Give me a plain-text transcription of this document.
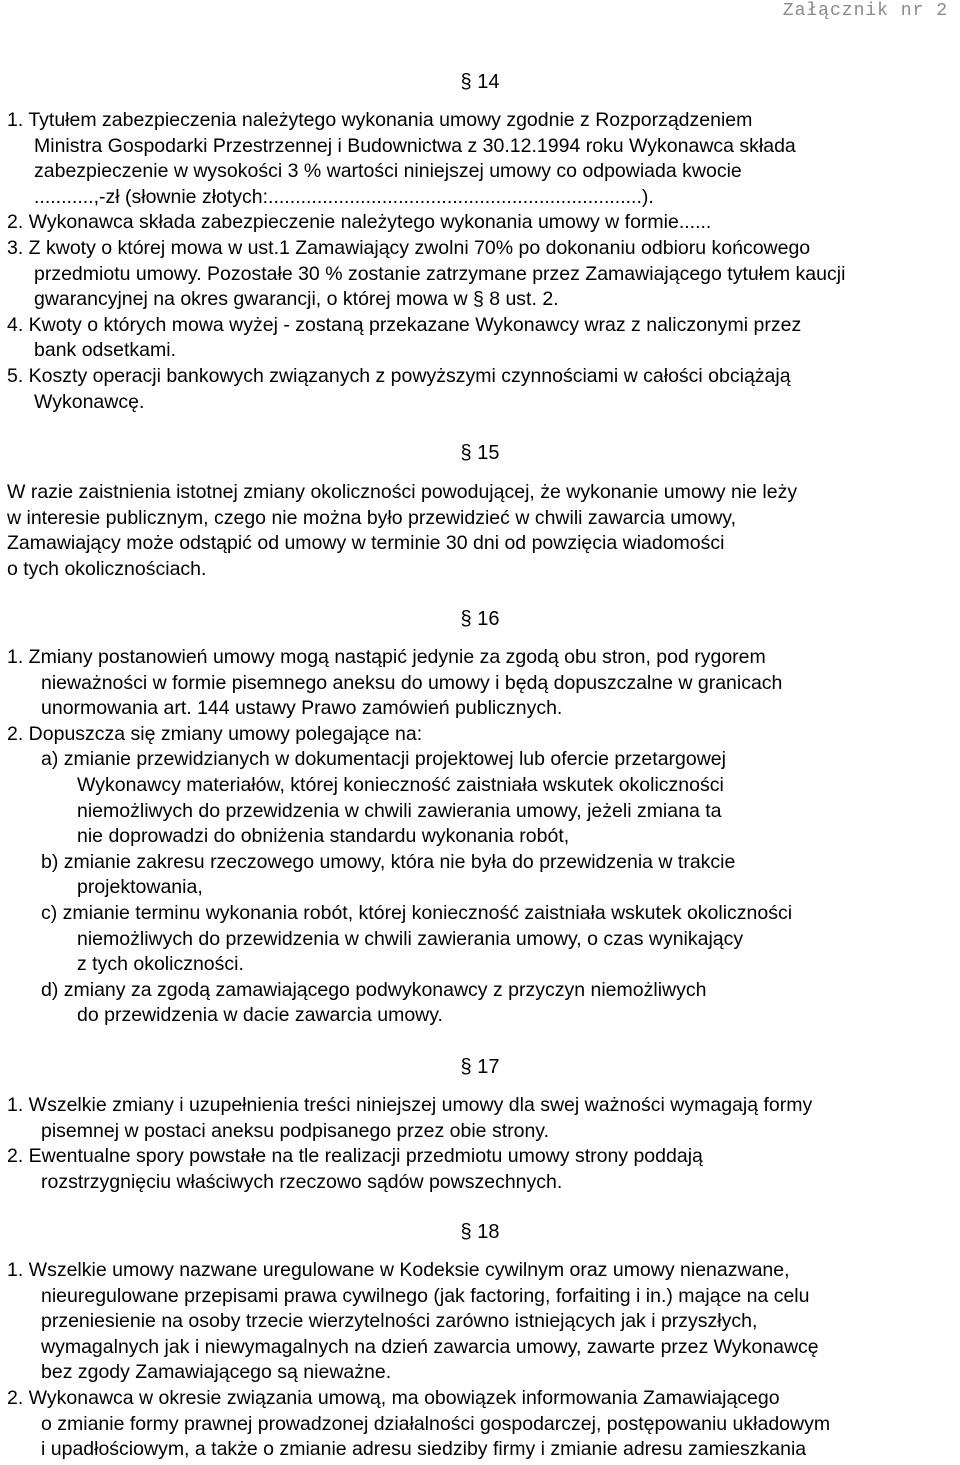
Załącznik nr 2
§ 14
1. Tytułem zabezpieczenia należytego wykonania umowy zgodnie z Rozporządzeniem
Ministra Gospodarki Przestrzennej i Budownictwa z 30.12.1994 roku Wykonawca składa
zabezpieczenie w wysokości 3 % wartości niniejszej umowy co odpowiada kwocie
...........,-zł (słownie złotych:.....................................................................).
2. Wykonawca składa zabezpieczenie należytego wykonania umowy w formie......
3. Z kwoty o której mowa w ust.1 Zamawiający zwolni 70% po dokonaniu odbioru końcowego
przedmiotu umowy. Pozostałe 30 % zostanie zatrzymane przez Zamawiającego tytułem kaucji
gwarancyjnej na okres gwarancji, o której mowa w § 8 ust. 2.
4. Kwoty o których mowa wyżej - zostaną przekazane Wykonawcy wraz z naliczonymi przez
bank odsetkami.
5. Koszty operacji bankowych związanych z powyższymi czynnościami w całości obciążają
Wykonawcę.
§ 15
W razie zaistnienia istotnej zmiany okoliczności powodującej, że wykonanie umowy nie leży
w interesie publicznym, czego nie można było przewidzieć w chwili zawarcia umowy,
Zamawiający może odstąpić od umowy w terminie 30 dni od powzięcia wiadomości
o tych okolicznościach.
§ 16
1. Zmiany postanowień umowy mogą nastąpić jedynie za zgodą obu stron, pod rygorem
nieważności w formie pisemnego aneksu do umowy i będą dopuszczalne w granicach
unormowania art. 144 ustawy Prawo zamówień publicznych.
2. Dopuszcza się zmiany umowy polegające na:
a) zmianie przewidzianych w dokumentacji projektowej lub ofercie przetargowej
Wykonawcy materiałów, której konieczność zaistniała wskutek okoliczności
niemożliwych do przewidzenia w chwili zawierania umowy, jeżeli zmiana ta
nie doprowadzi do obniżenia standardu wykonania robót,
b) zmianie zakresu rzeczowego umowy, która nie była do przewidzenia w trakcie
projektowania,
c) zmianie terminu wykonania robót, której konieczność zaistniała wskutek okoliczności
niemożliwych do przewidzenia w chwili zawierania umowy, o czas wynikający
z tych okoliczności.
d) zmiany za zgodą zamawiającego podwykonawcy z przyczyn niemożliwych
do przewidzenia w dacie zawarcia umowy.
§ 17
1. Wszelkie zmiany i uzupełnienia treści niniejszej umowy dla swej ważności wymagają formy
pisemnej w postaci aneksu podpisanego przez obie strony.
2. Ewentualne spory powstałe na tle realizacji przedmiotu umowy strony poddają
rozstrzygnięciu właściwych rzeczowo sądów powszechnych.
§ 18
1. Wszelkie umowy nazwane uregulowane w Kodeksie cywilnym oraz umowy nienazwane,
nieuregulowane przepisami prawa cywilnego (jak factoring, forfaiting i in.) mające na celu
przeniesienie na osoby trzecie wierzytelności zarówno istniejących jak i przyszłych,
wymagalnych jak i niewymagalnych na dzień zawarcia umowy, zawarte przez Wykonawcę
bez zgody Zamawiającego są nieważne.
2. Wykonawca w okresie związania umową, ma obowiązek informowania Zamawiającego
o zmianie formy prawnej prowadzonej działalności gospodarczej, postępowaniu układowym
i upadłościowym, a także o zmianie adresu siedziby firmy i zmianie adresu zamieszkania
